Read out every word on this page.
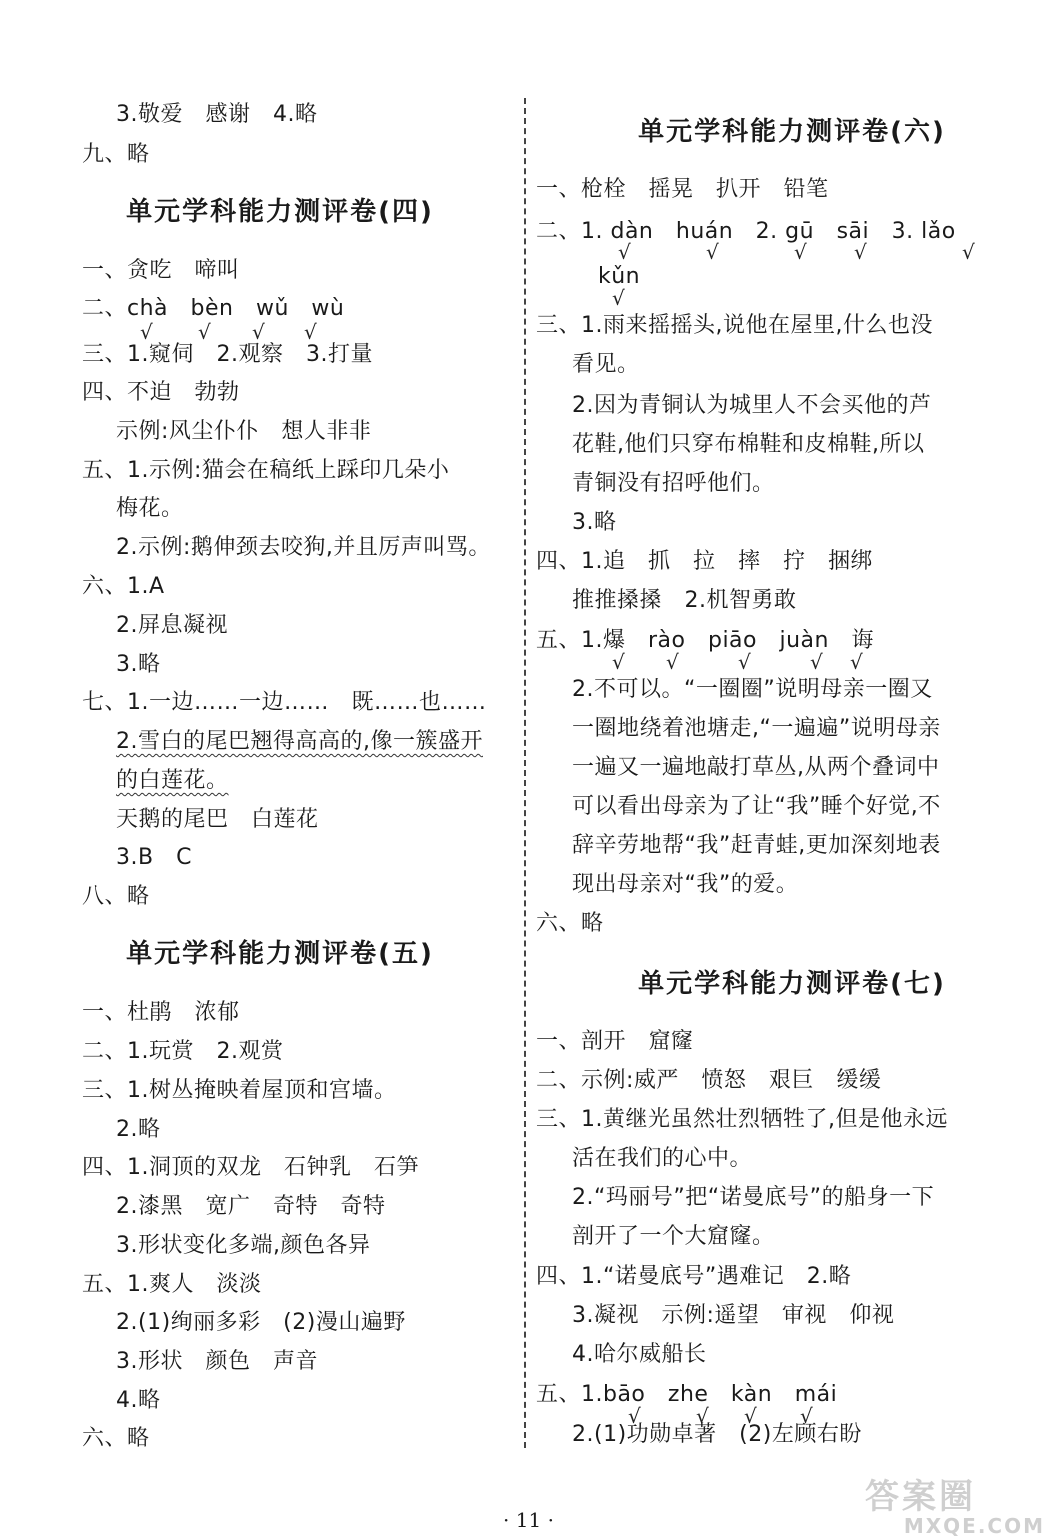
3.敬爱　感谢　4.略
九、略
单元学科能力测评卷(四)
一、贪吃　啼叫
二、chà　bèn　wǔ　wù
√ √ √ √
三、1.窥伺　2.观察　3.打量
四、不迫　勃勃
示例:风尘仆仆　想人非非
五、1.示例:猫会在稿纸上踩印几朵小
梅花。
2.示例:鹅伸颈去咬狗,并且厉声叫骂。
六、1.A
2.屏息凝视
3.略
七、1.一边……一边……　既……也……
2.雪白的尾巴翘得高高的,像一簇盛开
的白莲花。
天鹅的尾巴　白莲花
3.B　C
八、略
单元学科能力测评卷(五)
一、杜鹃　浓郁
二、1.玩赏　2.观赏
三、1.树丛掩映着屋顶和宫墙。
2.略
四、1.洞顶的双龙　石钟乳　石笋
2.漆黑　宽广　奇特　奇特
3.形状变化多端,颜色各异
五、1.爽人　淡淡
2.(1)绚丽多彩　(2)漫山遍野
3.形状　颜色　声音
4.略
六、略
单元学科能力测评卷(六)
一、枪栓　摇晃　扒开　铅笔
二、1. dàn　huán　2. gū　sāi　3. lǎo
√	√	√ √	√
kǔn
√
三、1.雨来摇摇头,说他在屋里,什么也没
看见。
2.因为青铜认为城里人不会买他的芦
花鞋,他们只穿布棉鞋和皮棉鞋,所以
青铜没有招呼他们。
3.略
四、1.追　抓　拉　摔　拧　捆绑
推推搡搡　2.机智勇敢
五、1.爆　rào　piāo　juàn　诲
√ √	√	√ √
2.不可以。“一圈圈”说明母亲一圈又
一圈地绕着池塘走,“一遍遍”说明母亲
一遍又一遍地敲打草丛,从两个叠词中
可以看出母亲为了让“我”睡个好觉,不
辞辛劳地帮“我”赶青蛙,更加深刻地表
现出母亲对“我”的爱。
六、略
单元学科能力测评卷(七)
一、剖开　窟窿
二、示例:威严　愤怒　艰巨　缓缓
三、1.黄继光虽然壮烈牺牲了,但是他永远
活在我们的心中。
2.“玛丽号”把“诺曼底号”的船身一下
剖开了一个大窟窿。
四、1.“诺曼底号”遇难记　2.略
3.凝视　示例:遥望　审视　仰视
4.哈尔威船长
五、1.bāo　zhe　kàn　mái
√	√ √ √
2.(1)功勋卓著　(2)左顾右盼
· 11 ·
答案圈
MXQE.COM
